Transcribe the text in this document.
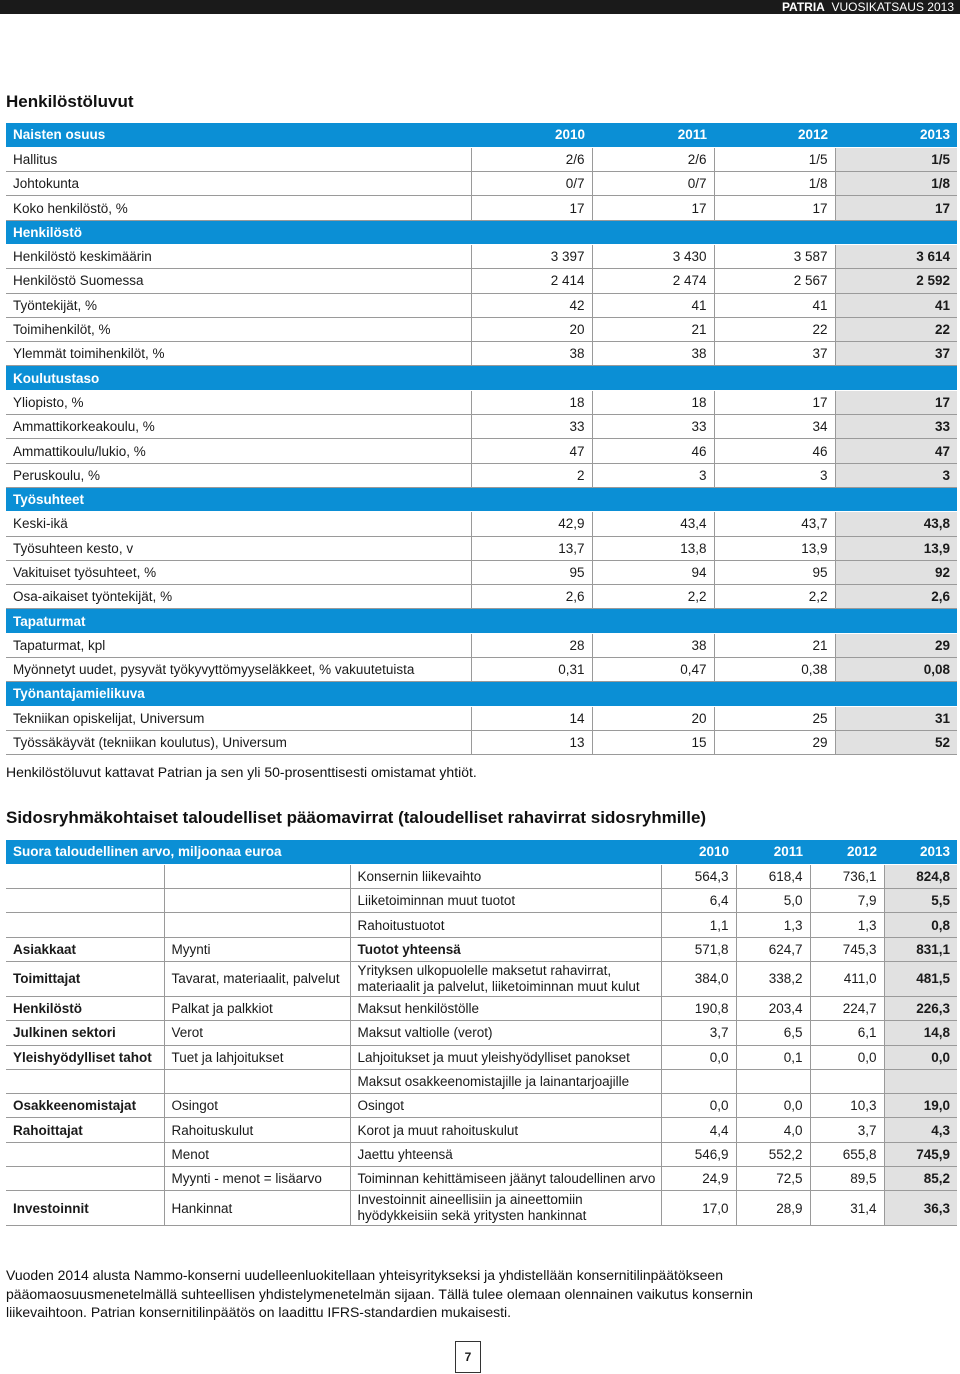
PATRIA VUOSIKATSAUS 2013
Henkilöstöluvut
Naisten osuus	2010	2011	2012	2013
Hallitus	2/6	2/6	1/5	1/5
Johtokunta	0/7	0/7	1/8	1/8
Koko henkilöstö, %	17	17	17	17
Henkilöstö				
Henkilöstö keskimäärin	3 397	3 430	3 587	3 614
Henkilöstö Suomessa	2 414	2 474	2 567	2 592
Työntekijät, %	42	41	41	41
Toimihenkilöt, %	20	21	22	22
Ylemmät toimihenkilöt, %	38	38	37	37
Koulutustaso				
Yliopisto, %	18	18	17	17
Ammattikorkeakoulu, %	33	33	34	33
Ammattikoulu/lukio, %	47	46	46	47
Peruskoulu, %	2	3	3	3
Työsuhteet				
Keski-ikä	42,9	43,4	43,7	43,8
Työsuhteen kesto, v	13,7	13,8	13,9	13,9
Vakituiset työsuhteet, %	95	94	95	92
Osa-aikaiset työntekijät, %	2,6	2,2	2,2	2,6
Tapaturmat				
Tapaturmat, kpl	28	38	21	29
Myönnetyt uudet, pysyvät työkyvyttömyyseläkkeet, % vakuutetuista	0,31	0,47	0,38	0,08
Työnantajamielikuva				
Tekniikan opiskelijat, Universum	14	20	25	31
Työssäkäyvät (tekniikan koulutus), Universum	13	15	29	52
Henkilöstöluvut kattavat Patrian ja sen yli 50-prosenttisesti omistamat yhtiöt.
Sidosryhmäkohtaiset taloudelliset pääomavirrat (taloudelliset rahavirrat sidosryhmille)
Suora taloudellinen arvo, miljoonaa euroa			2010	2011	2012	2013
		Konsernin liikevaihto	564,3	618,4	736,1	824,8
		Liiketoiminnan muut tuotot	6,4	5,0	7,9	5,5
		Rahoitustuotot	1,1	1,3	1,3	0,8
Asiakkaat	Myynti	Tuotot yhteensä	571,8	624,7	745,3	831,1
Toimittajat	Tavarat, materiaalit, palvelut	Yrityksen ulkopuolelle maksetut rahavirrat, materiaalit ja palvelut, liiketoiminnan muut kulut	384,0	338,2	411,0	481,5
Henkilöstö	Palkat ja palkkiot	Maksut henkilöstölle	190,8	203,4	224,7	226,3
Julkinen sektori	Verot	Maksut valtiolle (verot)	3,7	6,5	6,1	14,8
Yleishyödylliset tahot	Tuet ja lahjoitukset	Lahjoitukset ja muut yleishyödylliset panokset	0,0	0,1	0,0	0,0
		Maksut osakkeenomistajille ja lainantarjoajille				
Osakkeenomistajat	Osingot	Osingot	0,0	0,0	10,3	19,0
Rahoittajat	Rahoituskulut	Korot ja muut rahoituskulut	4,4	4,0	3,7	4,3
	Menot	Jaettu yhteensä	546,9	552,2	655,8	745,9
	Myynti - menot = lisäarvo	Toiminnan kehittämiseen jäänyt taloudellinen arvo	24,9	72,5	89,5	85,2
Investoinnit	Hankinnat	Investoinnit aineellisiin ja aineettomiin hyödykkeisiin sekä yritysten hankinnat	17,0	28,9	31,4	36,3
Vuoden 2014 alusta Nammo-konserni uudelleenluokitellaan yhteisyritykseksi ja yhdistellään konsernitilinpäätökseen pääomaosuusmenetelmällä suhteellisen yhdistelymenetelmän sijaan. Tällä tulee olemaan olennainen vaikutus konsernin liikevaihtoon. Patrian konsernitilinpäätös on laadittu IFRS-standardien mukaisesti.
7
